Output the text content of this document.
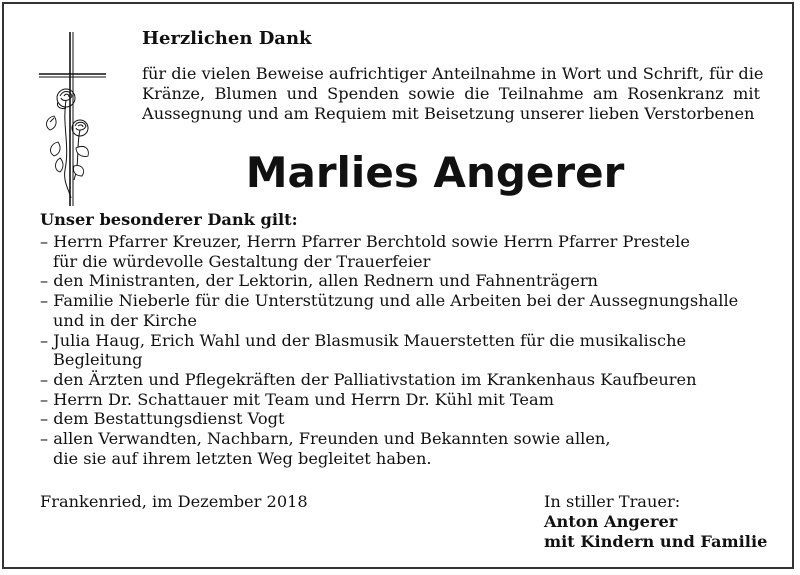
Herzlichen Dank

für die vielen Beweise aufrichtiger Anteilnahme in Wort und Schrift, für die
Kränze, Blumen und Spenden sowie die Teilnahme am Rosenkranz mit
Aussegnung und am Requiem mit Beisetzung unserer lieben Verstorbenen

Marlies Angerer

Unser besonderer Dank gilt:

– Herrn Pfarrer Kreuzer, Herrn Pfarrer Berchtold sowie Herrn Pfarrer Prestele
für die würdevolle Gestaltung der Trauerfeier
– den Ministranten, der Lektorin, allen Rednern und Fahnenträgern
– Familie Nieberle für die Unterstützung und alle Arbeiten bei der Aussegnungshalle
und in der Kirche
– Julia Haug, Erich Wahl und der Blasmusik Mauerstetten für die musikalische
Begleitung
– den Ärzten und Pflegekräften der Palliativstation im Krankenhaus Kaufbeuren
– Herrn Dr. Schattauer mit Team und Herrn Dr. Kühl mit Team
– dem Bestattungsdienst Vogt
– allen Verwandten, Nachbarn, Freunden und Bekannten sowie allen,
die sie auf ihrem letzten Weg begleitet haben.

Frankenried, im Dezember 2018	In stiller Trauer:
Anton Angerer
mit Kindern und Familie
